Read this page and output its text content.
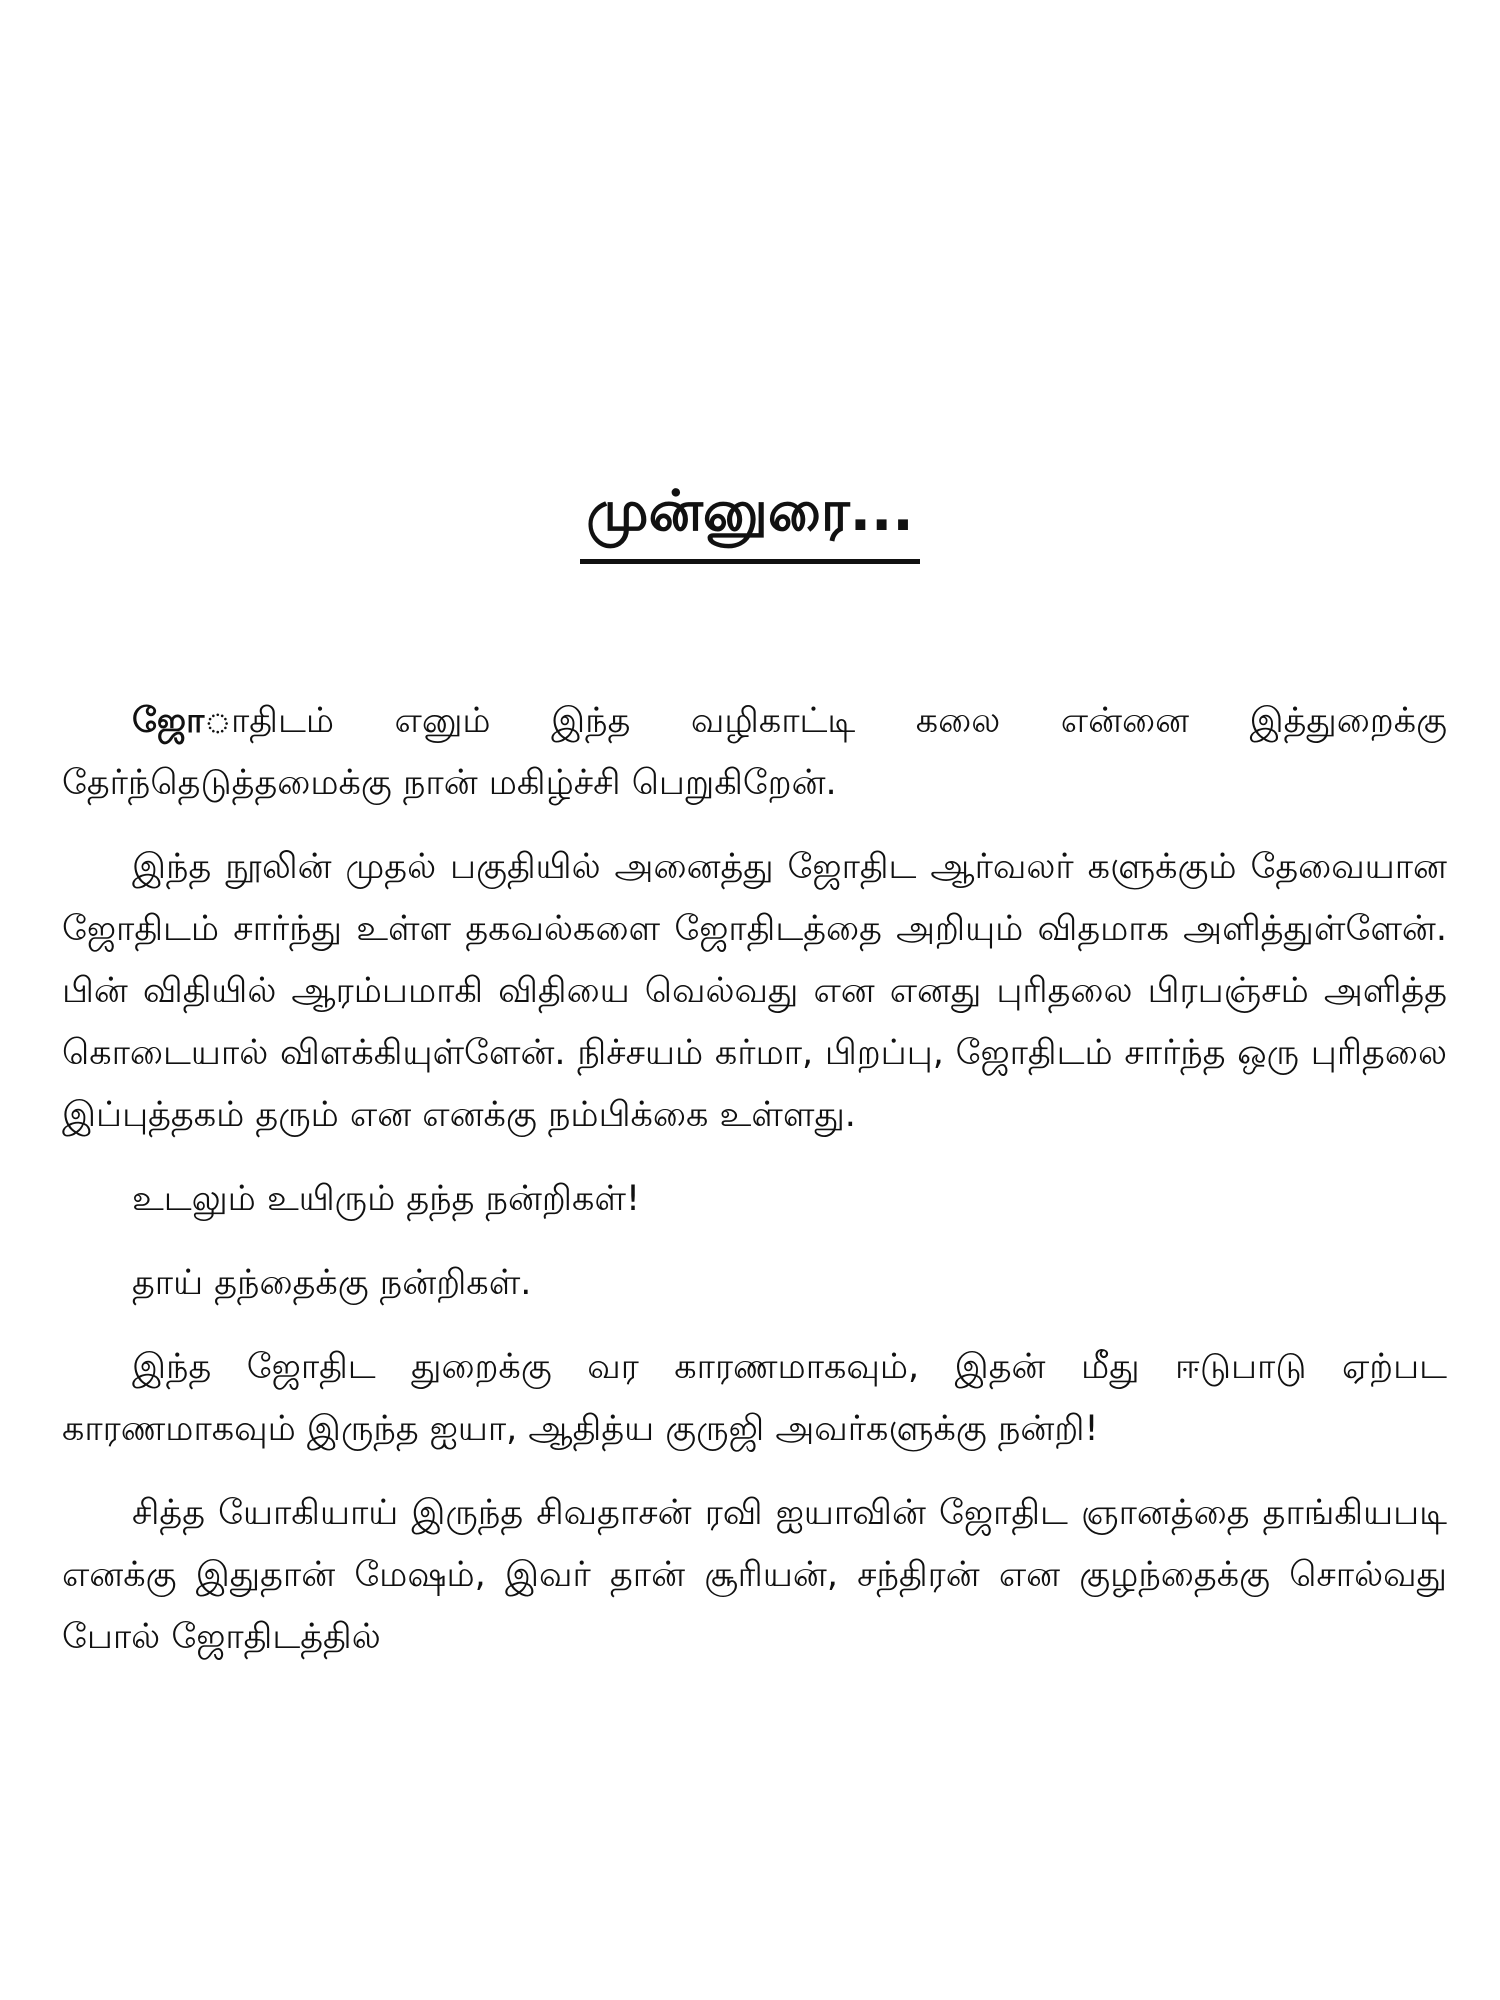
முன்னுரை...

ஜோாதிடம் எனும் இந்த வழிகாட்டி கலை என்னை இத்துறைக்கு தேர்ந்தெடுத்தமைக்கு நான் மகிழ்ச்சி பெறுகிறேன்.

இந்த நூலின் முதல் பகுதியில் அனைத்து ஜோதிட ஆர்வலர் களுக்கும் தேவையான ஜோதிடம் சார்ந்து உள்ள தகவல்களை ஜோதிடத்தை அறியும் விதமாக அளித்துள்ளேன். பின் விதியில் ஆரம்பமாகி விதியை வெல்வது என எனது புரிதலை பிரபஞ்சம் அளித்த கொடையால் விளக்கியுள்ளேன். நிச்சயம் கர்மா, பிறப்பு, ஜோதிடம் சார்ந்த ஒரு புரிதலை இப்புத்தகம் தரும் என எனக்கு நம்பிக்கை உள்ளது.

உடலும் உயிரும் தந்த நன்றிகள்!

தாய் தந்தைக்கு நன்றிகள்.

இந்த ஜோதிட துறைக்கு வர காரணமாகவும், இதன் மீது ஈடுபாடு ஏற்பட காரணமாகவும் இருந்த ஐயா, ஆதித்ய குருஜி அவர்களுக்கு நன்றி!

சித்த யோகியாய் இருந்த சிவதாசன் ரவி ஐயாவின் ஜோதிட ஞானத்தை தாங்கியபடி எனக்கு இதுதான் மேஷம், இவர் தான் சூரியன், சந்திரன் என குழந்தைக்கு சொல்வது போல் ஜோதிடத்தில்
